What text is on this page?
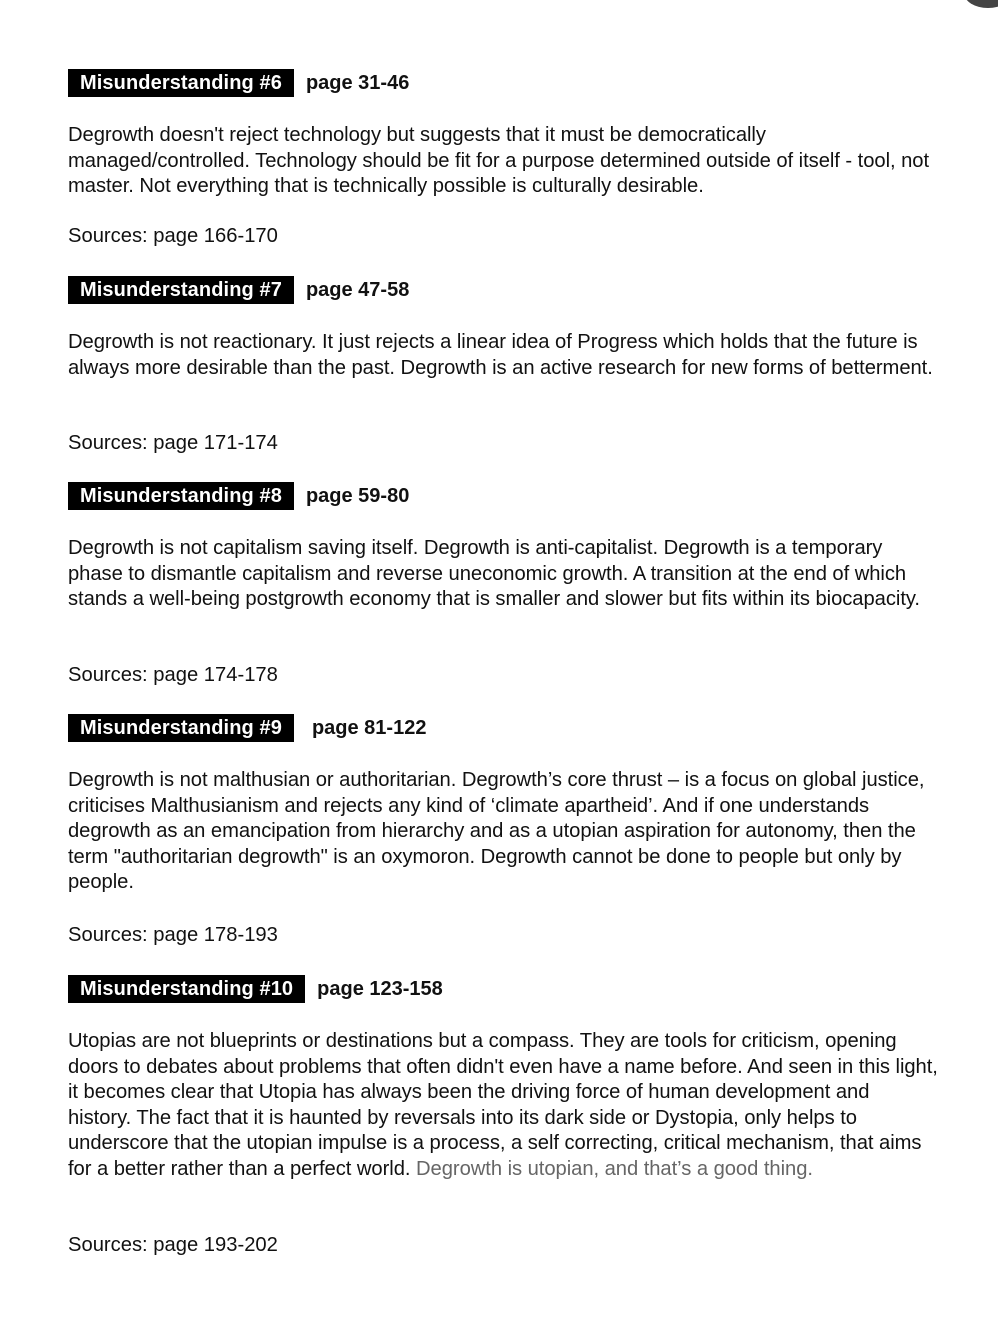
Misunderstanding #6	page 31-46

Degrowth doesn't reject technology but suggests that it must be democratically managed/controlled. Technology should be fit for a purpose determined outside of itself - tool, not master. Not everything that is technically possible is culturally desirable.

Sources: page 166-170

Misunderstanding #7	page 47-58

Degrowth is not reactionary. It just rejects a linear idea of Progress which holds that the future is always more desirable than the past. Degrowth is an active research for new forms of betterment.

Sources: page 171-174

Misunderstanding #8	page 59-80

Degrowth is not capitalism saving itself. Degrowth is anti-capitalist. Degrowth is a temporary phase to dismantle capitalism and reverse uneconomic growth. A transition at the end of which stands a well-being postgrowth economy that is smaller and slower but fits within its biocapacity.

Sources: page 174-178

Misunderstanding #9	page 81-122

Degrowth is not malthusian or authoritarian. Degrowth’s core thrust – is a focus on global justice, criticises Malthusianism and rejects any kind of ‘climate apartheid’. And if one understands degrowth as an emancipation from hierarchy and as a utopian aspiration for autonomy, then the term "authoritarian degrowth" is an oxymoron. Degrowth cannot be done to people but only by people.

Sources: page 178-193

Misunderstanding #10	page 123-158

Utopias are not blueprints or destinations but a compass. They are tools for criticism, opening doors to debates about problems that often didn't even have a name before. And seen in this light, it becomes clear that Utopia has always been the driving force of human development and history. The fact that it is haunted by reversals into its dark side or Dystopia, only helps to underscore that the utopian impulse is a process, a self correcting, critical mechanism, that aims for a better rather than a perfect world. Degrowth is utopian, and that’s a good thing.

Sources: page 193-202
